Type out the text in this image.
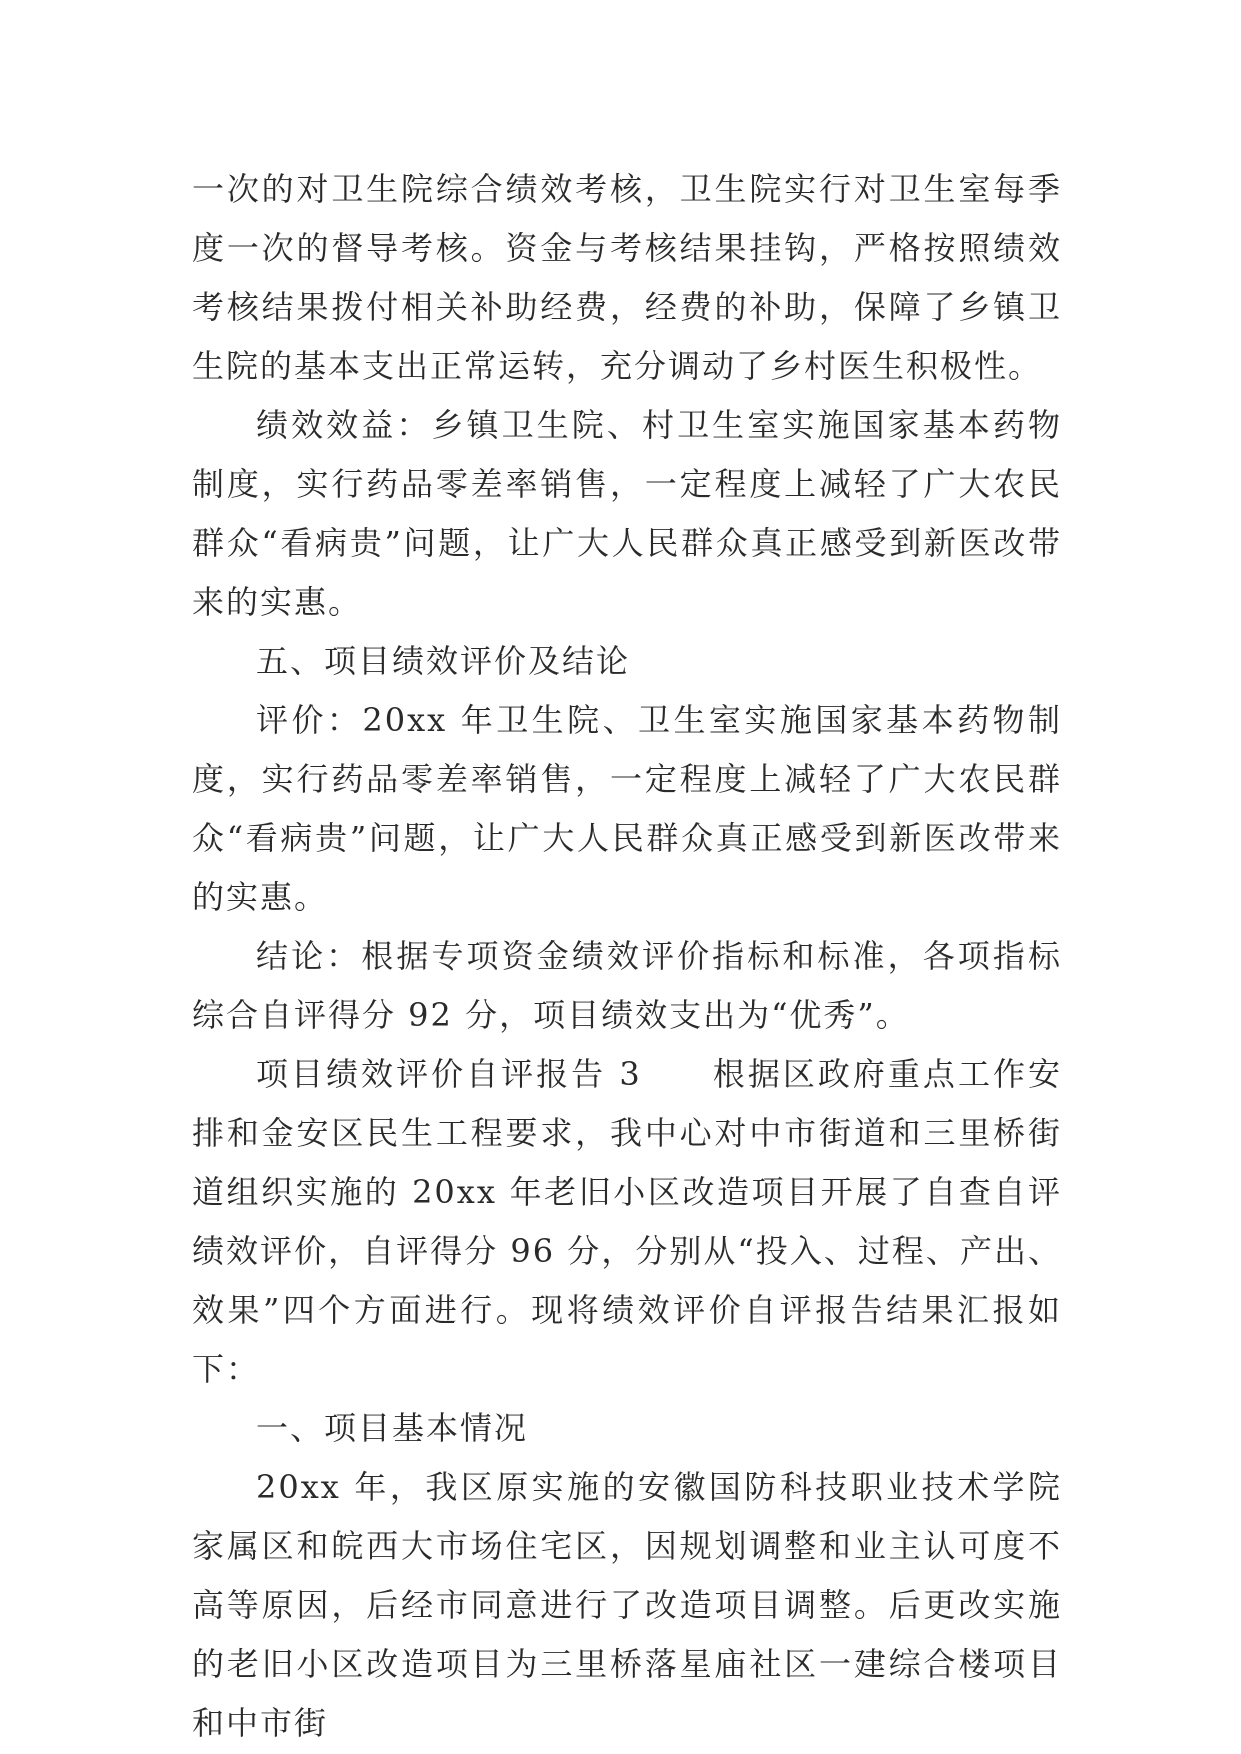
一次的对卫生院综合绩效考核，卫生院实行对卫生室每季度一次的督导考核。资金与考核结果挂钩，严格按照绩效考核结果拨付相关补助经费，经费的补助，保障了乡镇卫生院的基本支出正常运转，充分调动了乡村医生积极性。

绩效效益：乡镇卫生院、村卫生室实施国家基本药物制度，实行药品零差率销售，一定程度上减轻了广大农民群众“看病贵”问题，让广大人民群众真正感受到新医改带来的实惠。

五、项目绩效评价及结论

评价：20xx 年卫生院、卫生室实施国家基本药物制度，实行药品零差率销售，一定程度上减轻了广大农民群众“看病贵”问题，让广大人民群众真正感受到新医改带来的实惠。

结论：根据专项资金绩效评价指标和标准，各项指标综合自评得分 92 分，项目绩效支出为“优秀”。

项目绩效评价自评报告 3　　根据区政府重点工作安排和金安区民生工程要求，我中心对中市街道和三里桥街道组织实施的 20xx 年老旧小区改造项目开展了自查自评绩效评价，自评得分 96 分，分别从“投入、过程、产出、效果”四个方面进行。现将绩效评价自评报告结果汇报如下：

一、项目基本情况

20xx 年，我区原实施的安徽国防科技职业技术学院家属区和皖西大市场住宅区，因规划调整和业主认可度不高等原因，后经市同意进行了改造项目调整。后更改实施的老旧小区改造项目为三里桥落星庙社区一建综合楼项目和中市街
